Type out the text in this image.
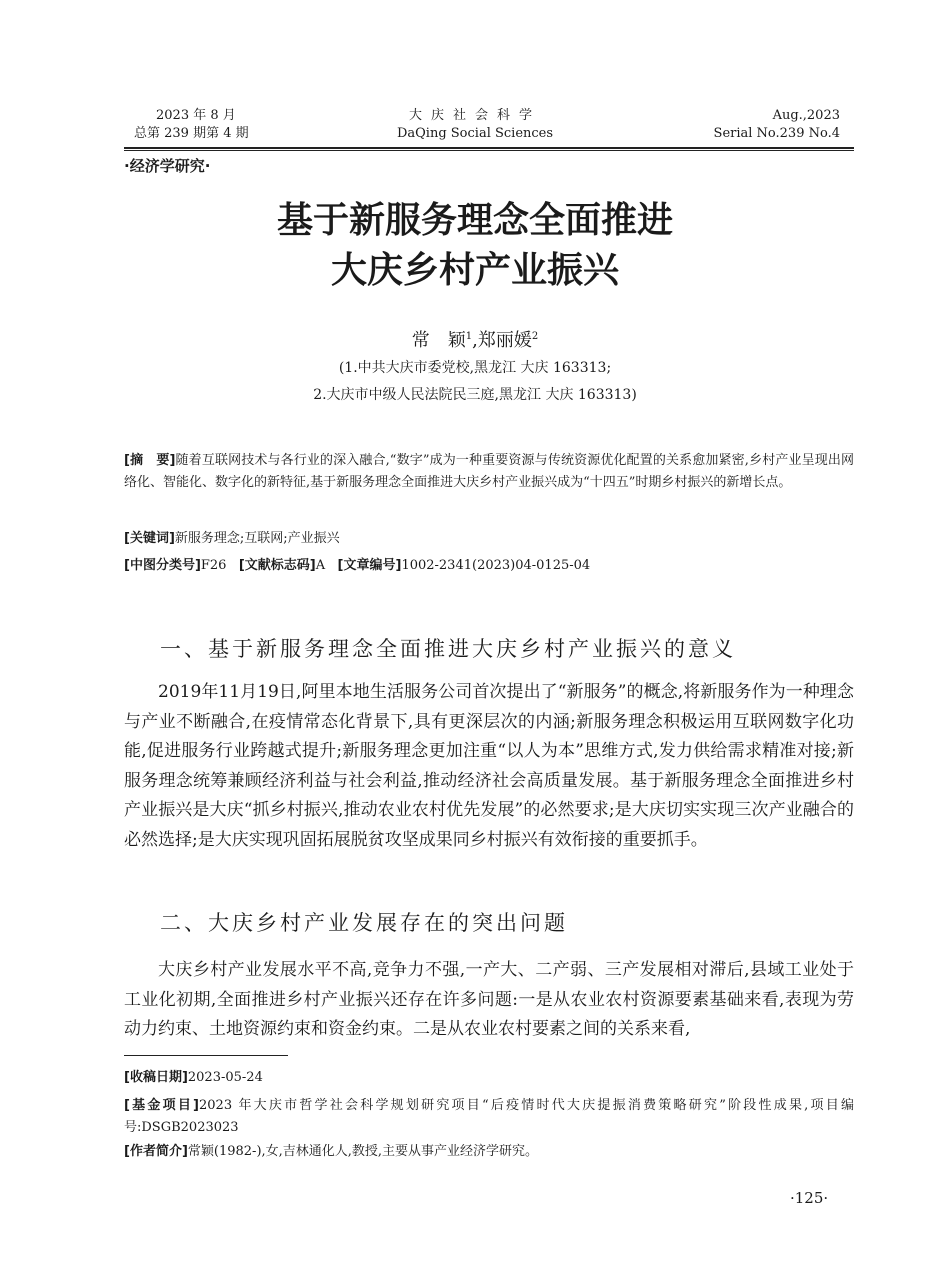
2023 年 8 月
总第 239 期第 4 期
大庆社会科学
DaQing Social Sciences
Aug.,2023
Serial No.239 No.4
·经济学研究·
基于新服务理念全面推进
大庆乡村产业振兴
常　颖$^1$,郑丽媛$^2$
(1.中共大庆市委党校,黑龙江 大庆 163313;
2.大庆市中级人民法院民三庭,黑龙江 大庆 163313)
[摘　要]随着互联网技术与各行业的深入融合,“数字”成为一种重要资源与传统资源优化配置的关系愈加紧密,乡村产业呈现出网络化、智能化、数字化的新特征,基于新服务理念全面推进大庆乡村产业振兴成为“十四五”时期乡村振兴的新增长点。
[关键词]新服务理念;互联网;产业振兴
[中图分类号]F26 [文献标志码]A [文章编号]1002-2341(2023)04-0125-04
一、基于新服务理念全面推进大庆乡村产业振兴的意义
2019年11月19日,阿里本地生活服务公司首次提出了“新服务”的概念,将新服务作为一种理念与产业不断融合,在疫情常态化背景下,具有更深层次的内涵;新服务理念积极运用互联网数字化功能,促进服务行业跨越式提升;新服务理念更加注重“以人为本”思维方式,发力供给需求精准对接;新服务理念统筹兼顾经济利益与社会利益,推动经济社会高质量发展。基于新服务理念全面推进乡村产业振兴是大庆“抓乡村振兴,推动农业农村优先发展”的必然要求;是大庆切实实现三次产业融合的必然选择;是大庆实现巩固拓展脱贫攻坚成果同乡村振兴有效衔接的重要抓手。
二、大庆乡村产业发展存在的突出问题
大庆乡村产业发展水平不高,竞争力不强,一产大、二产弱、三产发展相对滞后,县域工业处于工业化初期,全面推进乡村产业振兴还存在许多问题:一是从农业农村资源要素基础来看,表现为劳动力约束、土地资源约束和资金约束。二是从农业农村要素之间的关系来看,
[收稿日期]2023-05-24
[基金项目]2023 年大庆市哲学社会科学规划研究项目“后疫情时代大庆提振消费策略研究”阶段性成果,项目编号:DSGB2023023
[作者简介]常颖(1982-),女,吉林通化人,教授,主要从事产业经济学研究。
·125·
